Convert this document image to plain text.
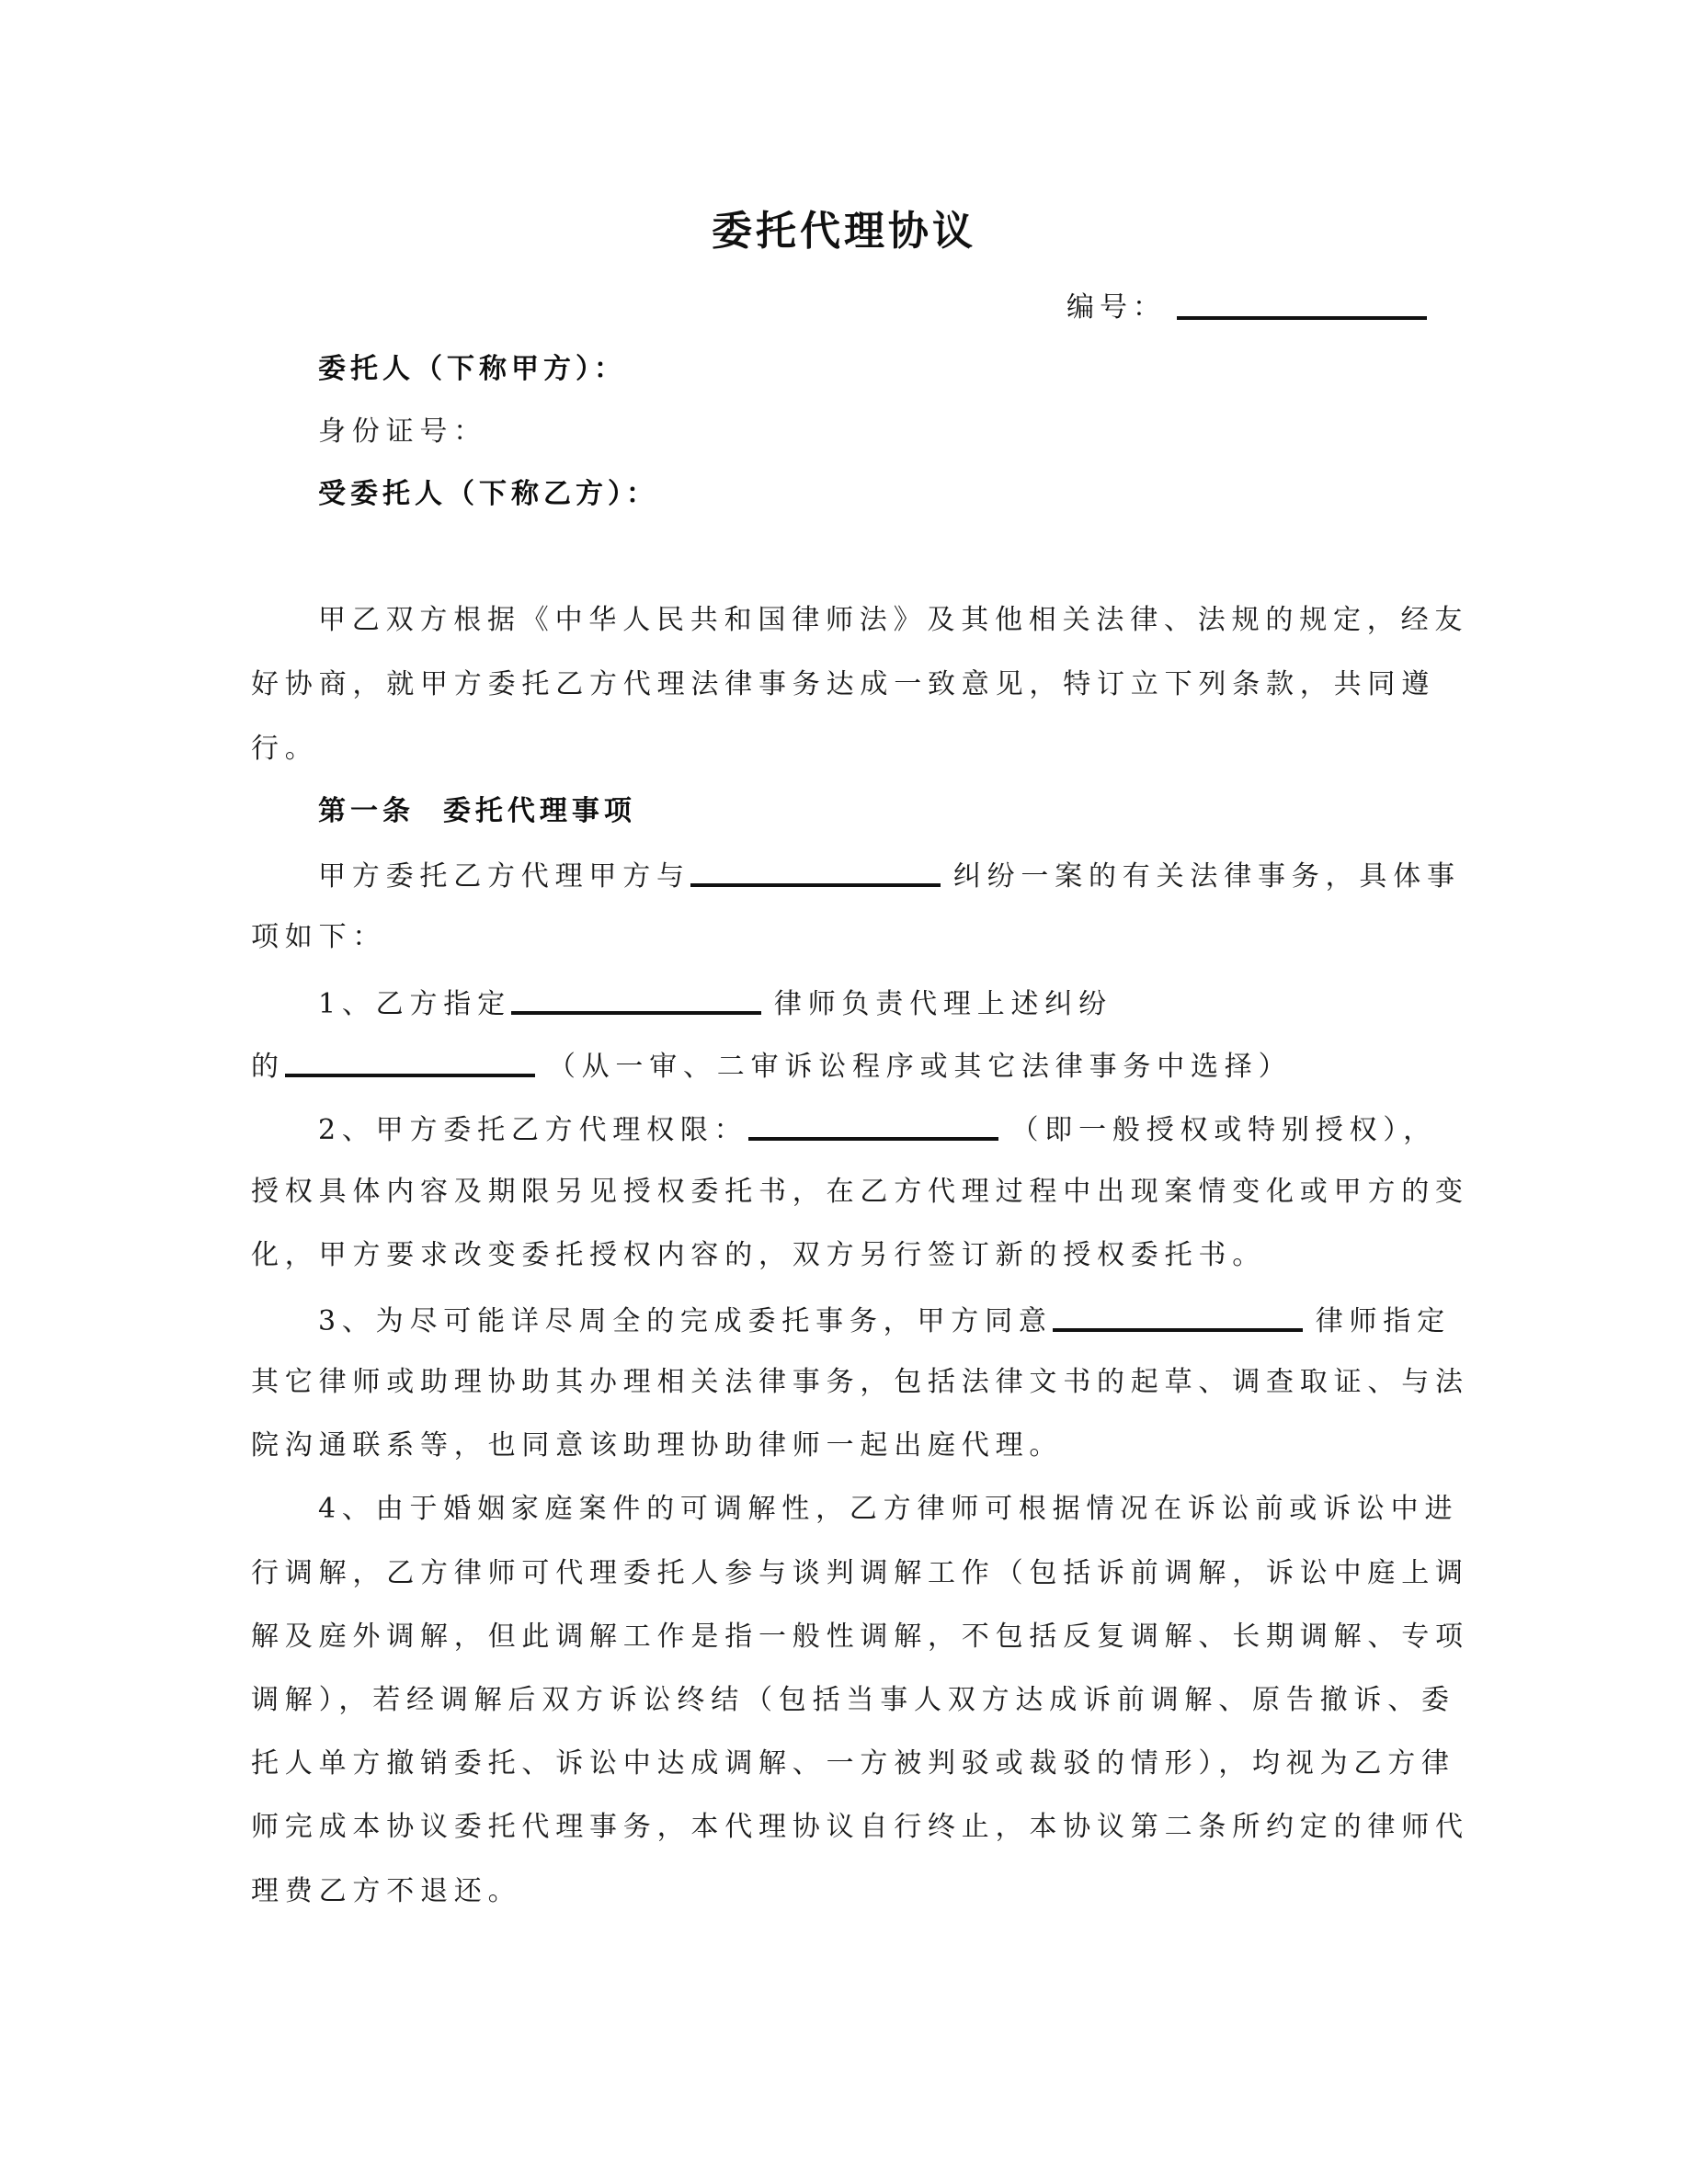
委托代理协议
编号：
委托人（下称甲方）：
身份证号：
受委托人（下称乙方）：
甲乙双方根据《中华人民共和国律师法》及其他相关法律、法规的规定，经友
好协商，就甲方委托乙方代理法律事务达成一致意见，特订立下列条款，共同遵
行。
第一条  委托代理事项
甲方委托乙方代理甲方与	纠纷一案的有关法律事务，具体事
项如下：
1、乙方指定	律师负责代理上述纠纷
的	（从一审、二审诉讼程序或其它法律事务中选择）
2、甲方委托乙方代理权限：	（即一般授权或特别授权），
授权具体内容及期限另见授权委托书，在乙方代理过程中出现案情变化或甲方的变
化，甲方要求改变委托授权内容的，双方另行签订新的授权委托书。
3、为尽可能详尽周全的完成委托事务，甲方同意	律师指定
其它律师或助理协助其办理相关法律事务，包括法律文书的起草、调查取证、与法
院沟通联系等，也同意该助理协助律师一起出庭代理。
4、由于婚姻家庭案件的可调解性，乙方律师可根据情况在诉讼前或诉讼中进
行调解，乙方律师可代理委托人参与谈判调解工作（包括诉前调解，诉讼中庭上调
解及庭外调解，但此调解工作是指一般性调解，不包括反复调解、长期调解、专项
调解），若经调解后双方诉讼终结（包括当事人双方达成诉前调解、原告撤诉、委
托人单方撤销委托、诉讼中达成调解、一方被判驳或裁驳的情形），均视为乙方律
师完成本协议委托代理事务，本代理协议自行终止，本协议第二条所约定的律师代
理费乙方不退还。
